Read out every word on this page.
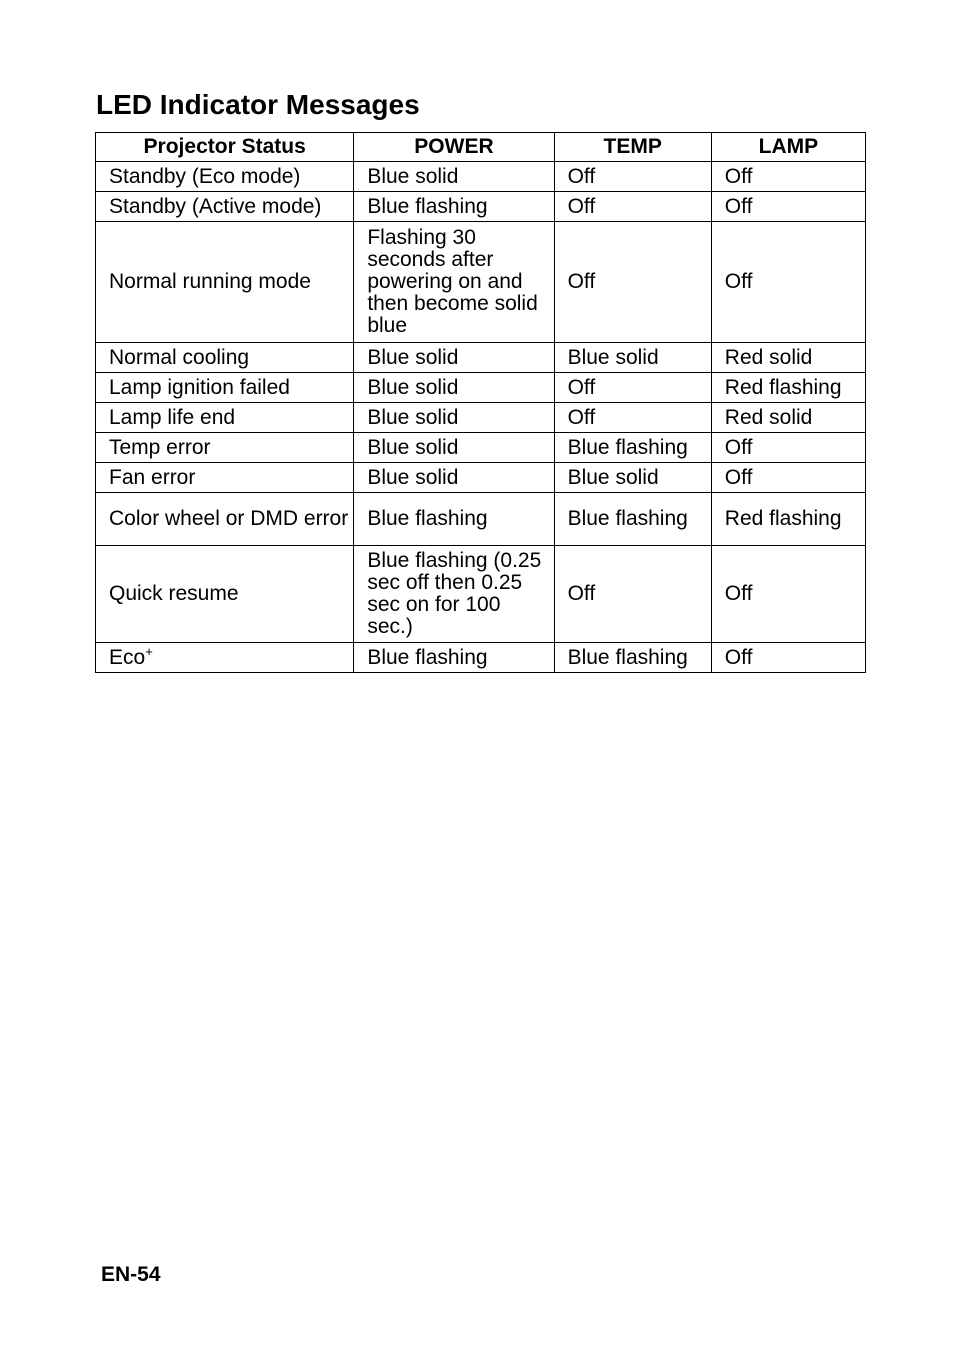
LED Indicator Messages
Projector Status	POWER	TEMP	LAMP
Standby (Eco mode)	Blue solid	Off	Off
Standby (Active mode)	Blue flashing	Off	Off
Normal running mode	Flashing 30 seconds after powering on and then become solid blue	Off	Off
Normal cooling	Blue solid	Blue solid	Red solid
Lamp ignition failed	Blue solid	Off	Red flashing
Lamp life end	Blue solid	Off	Red solid
Temp error	Blue solid	Blue flashing	Off
Fan error	Blue solid	Blue solid	Off
Color wheel or DMD error	Blue flashing	Blue flashing	Red flashing
Quick resume	Blue flashing (0.25 sec off then 0.25 sec on for 100 sec.)	Off	Off
Eco+	Blue flashing	Blue flashing	Off
EN-54
